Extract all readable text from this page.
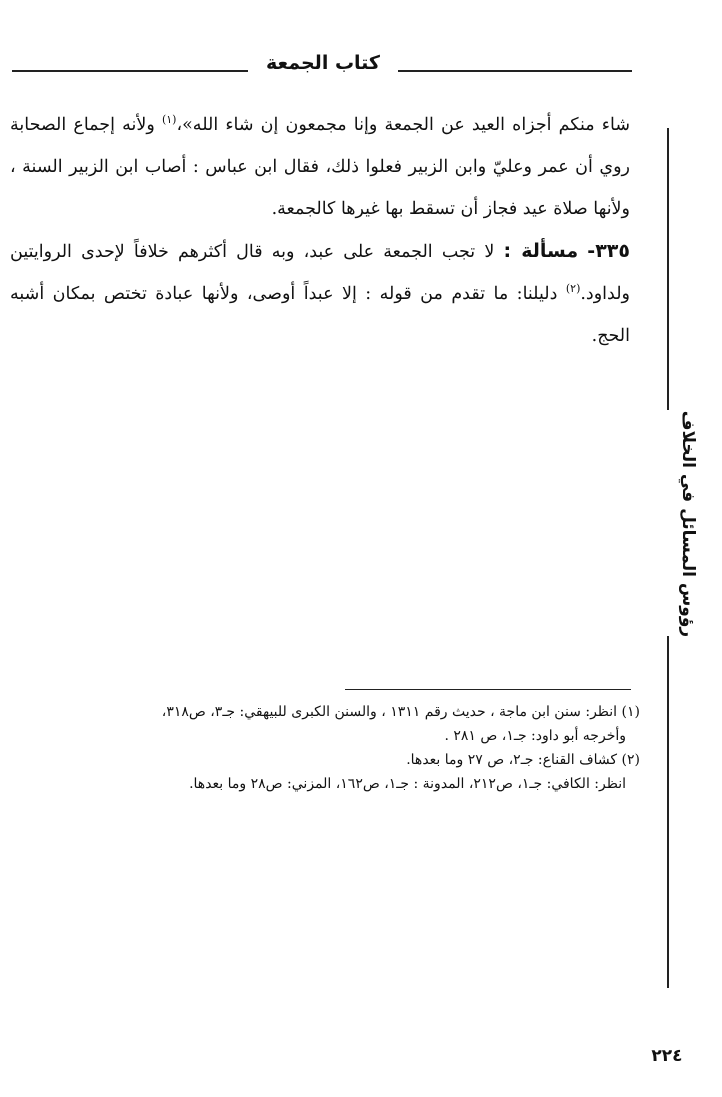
كتاب الجمعة

شاء منكم أجزاه العيد عن الجمعة وإنا مجمعون إن شاء الله»،$^{(١)}$ ولأنه إجماع الصحابة روي أن عمر وعليّ وابن الزبير فعلوا ذلك، فقال ابن عباس : أصاب ابن الزبير السنة ، ولأنها صلاة عيد فجاز أن تسقط بها غيرها كالجمعة.

٣٣٥- مسألة : لا تجب الجمعة على عبد، وبه قال أكثرهم خلافاً لإحدى الروايتين ولداود.$^{(٢)}$ دليلنا: ما تقدم من قوله : إلا عبداً أوصى، ولأنها عبادة تختص بمكان أشبه الحج.

رؤوس المسائل في الخلاف
(١) انظر: سنن ابن ماجة ، حديث رقم ١٣١١ ، والسنن الكبرى للبيهقي: جـ٣، ص٣١٨،
وأخرجه أبو داود: جـ١، ص ٢٨١ .
(٢) كشاف القناع: جـ٢، ص ٢٧ وما بعدها.
انظر: الكافي: جـ١، ص٢١٢، المدونة : جـ١، ص١٦٢، المزني: ص٢٨ وما بعدها.
٢٢٤
